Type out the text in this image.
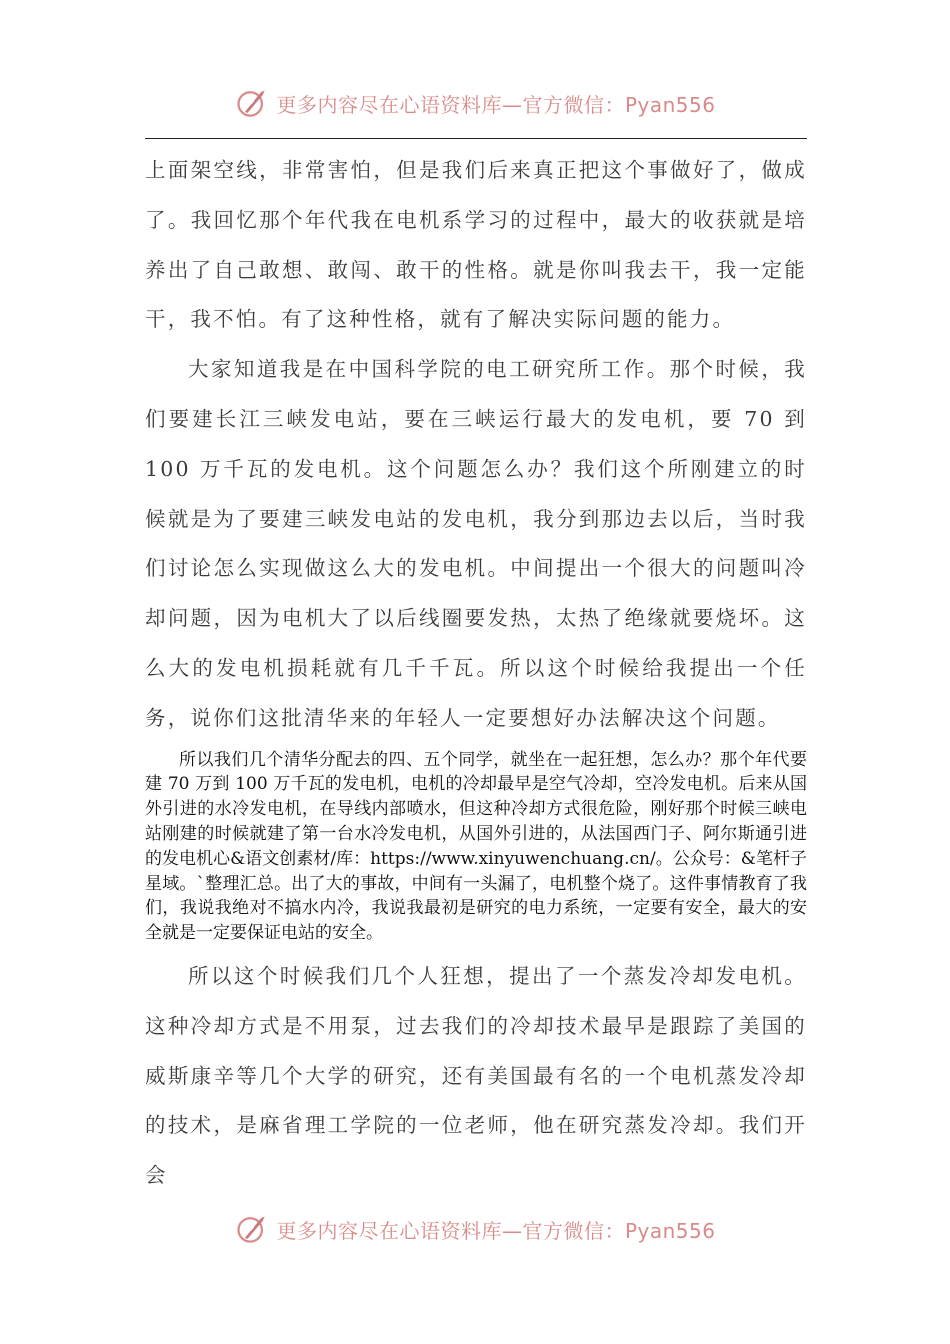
更多内容尽在心语资料库—官方微信：Pyan556

上面架空线，非常害怕，但是我们后来真正把这个事做好了，做成了。我回忆那个年代我在电机系学习的过程中，最大的收获就是培养出了自己敢想、敢闯、敢干的性格。就是你叫我去干，我一定能干，我不怕。有了这种性格，就有了解决实际问题的能力。

大家知道我是在中国科学院的电工研究所工作。那个时候，我们要建长江三峡发电站，要在三峡运行最大的发电机，要 70 到 100 万千瓦的发电机。这个问题怎么办？我们这个所刚建立的时候就是为了要建三峡发电站的发电机，我分到那边去以后，当时我们讨论怎么实现做这么大的发电机。中间提出一个很大的问题叫冷却问题，因为电机大了以后线圈要发热，太热了绝缘就要烧坏。这么大的发电机损耗就有几千千瓦。所以这个时候给我提出一个任务，说你们这批清华来的年轻人一定要想好办法解决这个问题。

所以我们几个清华分配去的四、五个同学，就坐在一起狂想，怎么办？那个年代要建 70 万到 100 万千瓦的发电机，电机的冷却最早是空气冷却，空冷发电机。后来从国外引进的水冷发电机，在导线内部喷水，但这种冷却方式很危险，刚好那个时候三峡电站刚建的时候就建了第一台水冷发电机，从国外引进的，从法国西门子、阿尔斯通引进的发电机心&语文创素材/库：https://www.xinyuwenchuang.cn/。公众号：&笔杆子星域。`整理汇总。出了大的事故，中间有一头漏了，电机整个烧了。这件事情教育了我们，我说我绝对不搞水内冷，我说我最初是研究的电力系统，一定要有安全，最大的安全就是一定要保证电站的安全。

所以这个时候我们几个人狂想，提出了一个蒸发冷却发电机。这种冷却方式是不用泵，过去我们的冷却技术最早是跟踪了美国的威斯康辛等几个大学的研究，还有美国最有名的一个电机蒸发冷却的技术，是麻省理工学院的一位老师，他在研究蒸发冷却。我们开会

更多内容尽在心语资料库—官方微信：Pyan556
